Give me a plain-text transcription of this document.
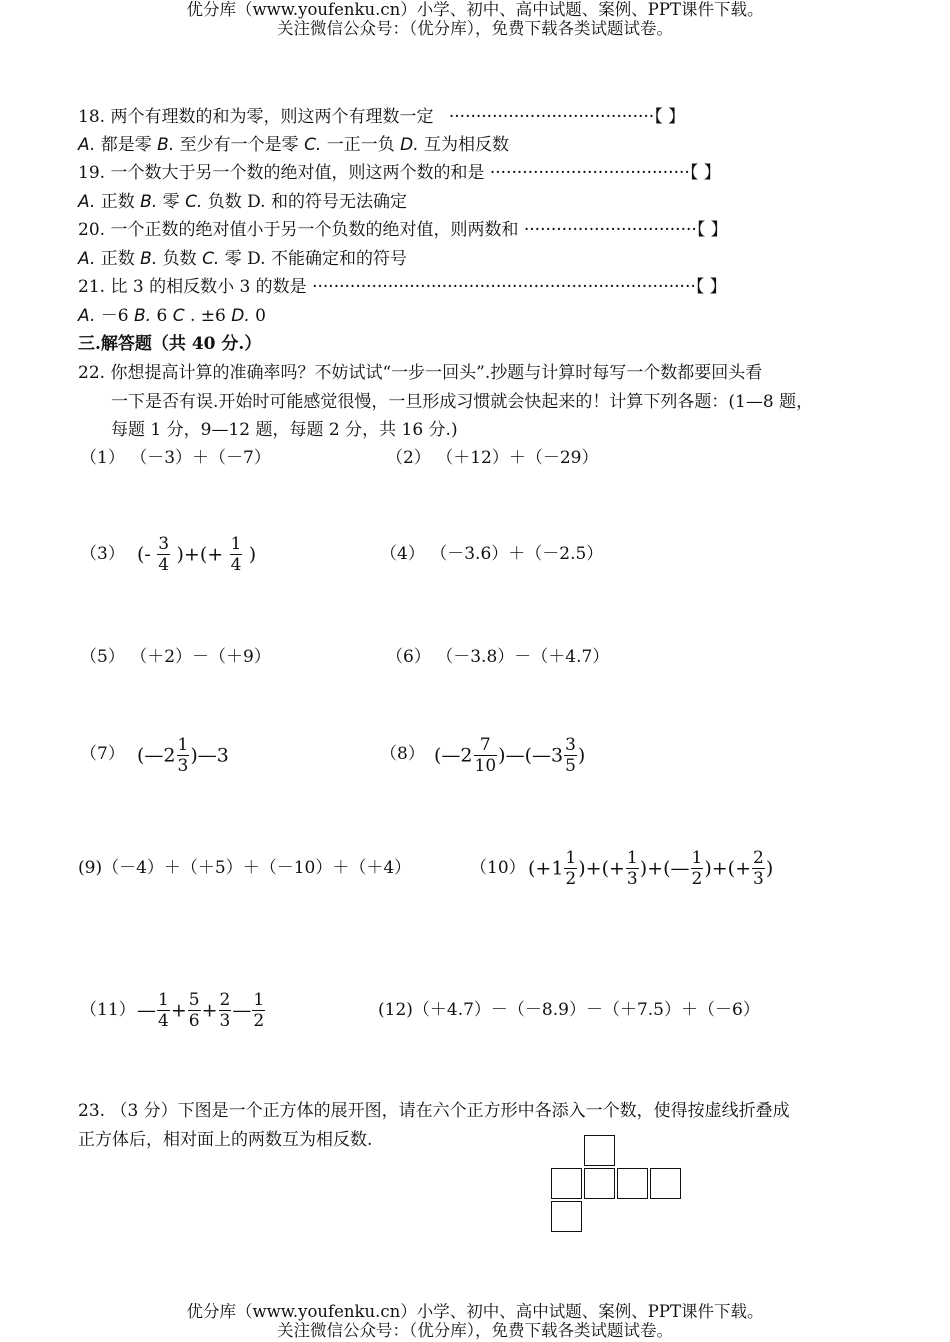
优分库（www.youfenku.cn）小学、初中、高中试题、案例、PPT课件下载。
关注微信公众号：（优分库），免费下载各类试题试卷。
18. 两个有理数的和为零，则这两个有理数一定 ······································【 】
A. 都是零 B. 至少有一个是零 C. 一正一负 D. 互为相反数
19. 一个数大于另一个数的绝对值，则这两个数的和是 ·····································【 】
A. 正数 B. 零 C. 负数 D. 和的符号无法确定
20. 一个正数的绝对值小于另一个负数的绝对值，则两数和 ································【 】
A. 正数 B. 负数 C. 零 D. 不能确定和的符号
21. 比 3 的相反数小 3 的数是 ·······································································【 】
A. －6 B. 6 C . ±6 D. 0
三.解答题（共 40 分.）
22. 你想提高计算的准确率吗？不妨试试“一步一回头”.抄题与计算时每写一个数都要回头看
一下是否有误.开始时可能感觉很慢，一旦形成习惯就会快起来的！计算下列各题：(1—8 题，
每题 1 分，9—12 题，每题 2 分，共 16 分.)
（1） （－3）＋（－7）	（2） （＋12）＋（－29）
（3） (- $\frac{3}{4}$ )+(+ $\frac{1}{4}$ )	（4） （－3.6）＋（－2.5）
（5） （＋2）－（＋9）	（6） （－3.8）－（＋4.7）
（7） (—2 $\frac{1}{3}$ )—3	（8） (—2 $\frac{7}{10}$ )—(—3 $\frac{3}{5}$ )
(9)（－4）＋（＋5）＋（－10）＋（＋4）	（10） ($+1 \frac{1}{2}$ )+(+ $\frac{1}{3}$ )+(— $\frac{1}{2}$ )+(+ $\frac{2}{3}$ )
（11） — $\frac{1}{4} + \frac{5}{6} + \frac{2}{3}$ — $\frac{1}{2}$	(12)（＋4.7）－（－8.9）－（＋7.5）＋（－6）
23. （3 分）下图是一个正方体的展开图，请在六个正方形中各添入一个数，使得按虚线折叠成
正方体后，相对面上的两数互为相反数.
优分库（www.youfenku.cn）小学、初中、高中试题、案例、PPT课件下载。
关注微信公众号：（优分库），免费下载各类试题试卷。
